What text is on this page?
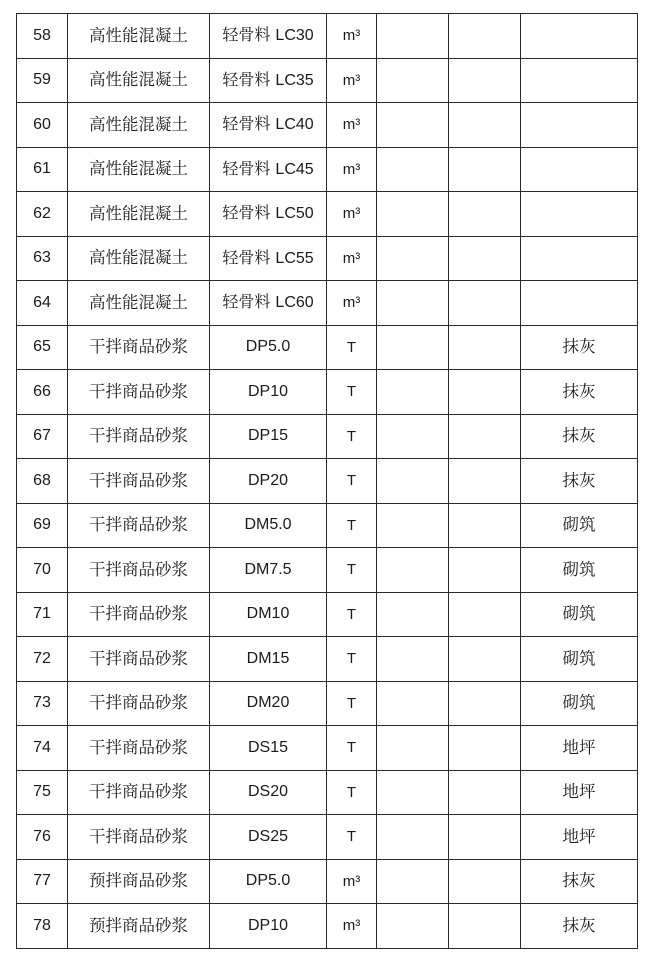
58	高性能混凝土	轻骨料 LC30	m³			
59	高性能混凝土	轻骨料 LC35	m³			
60	高性能混凝土	轻骨料 LC40	m³			
61	高性能混凝土	轻骨料 LC45	m³			
62	高性能混凝土	轻骨料 LC50	m³			
63	高性能混凝土	轻骨料 LC55	m³			
64	高性能混凝土	轻骨料 LC60	m³			
65	干拌商品砂浆	DP5.0	T			抹灰
66	干拌商品砂浆	DP10	T			抹灰
67	干拌商品砂浆	DP15	T			抹灰
68	干拌商品砂浆	DP20	T			抹灰
69	干拌商品砂浆	DM5.0	T			砌筑
70	干拌商品砂浆	DM7.5	T			砌筑
71	干拌商品砂浆	DM10	T			砌筑
72	干拌商品砂浆	DM15	T			砌筑
73	干拌商品砂浆	DM20	T			砌筑
74	干拌商品砂浆	DS15	T			地坪
75	干拌商品砂浆	DS20	T			地坪
76	干拌商品砂浆	DS25	T			地坪
77	预拌商品砂浆	DP5.0	m³			抹灰
78	预拌商品砂浆	DP10	m³			抹灰
